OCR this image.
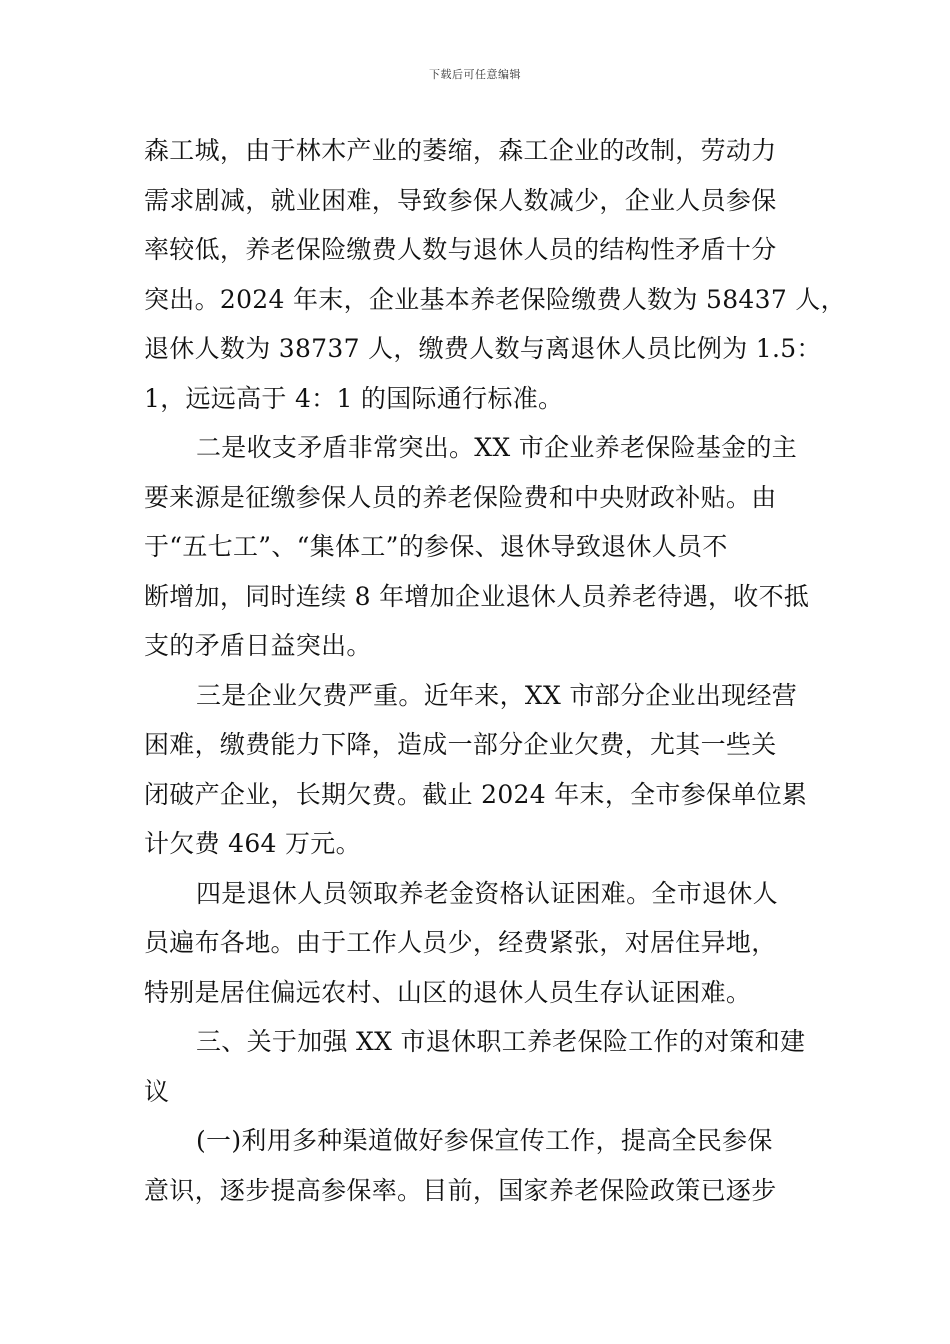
下载后可任意编辑
森工城，由于林木产业的萎缩，森工企业的改制，劳动力
需求剧减，就业困难，导致参保人数减少，企业人员参保
率较低，养老保险缴费人数与退休人员的结构性矛盾十分
突出。2024 年末，企业基本养老保险缴费人数为 58437 人，
退休人数为 38737 人，缴费人数与离退休人员比例为 1.5：
1，远远高于 4：1 的国际通行标准。
二是收支矛盾非常突出。XX 市企业养老保险基金的主
要来源是征缴参保人员的养老保险费和中央财政补贴。由
于“五七工”、“集体工”的参保、退休导致退休人员不
断增加，同时连续 8 年增加企业退休人员养老待遇，收不抵
支的矛盾日益突出。
三是企业欠费严重。近年来，XX 市部分企业出现经营
困难，缴费能力下降，造成一部分企业欠费，尤其一些关
闭破产企业，长期欠费。截止 2024 年末，全市参保单位累
计欠费 464 万元。
四是退休人员领取养老金资格认证困难。全市退休人
员遍布各地。由于工作人员少，经费紧张，对居住异地，
特别是居住偏远农村、山区的退休人员生存认证困难。
三、关于加强 XX 市退休职工养老保险工作的对策和建
议
(一)利用多种渠道做好参保宣传工作，提高全民参保
意识，逐步提高参保率。目前，国家养老保险政策已逐步
